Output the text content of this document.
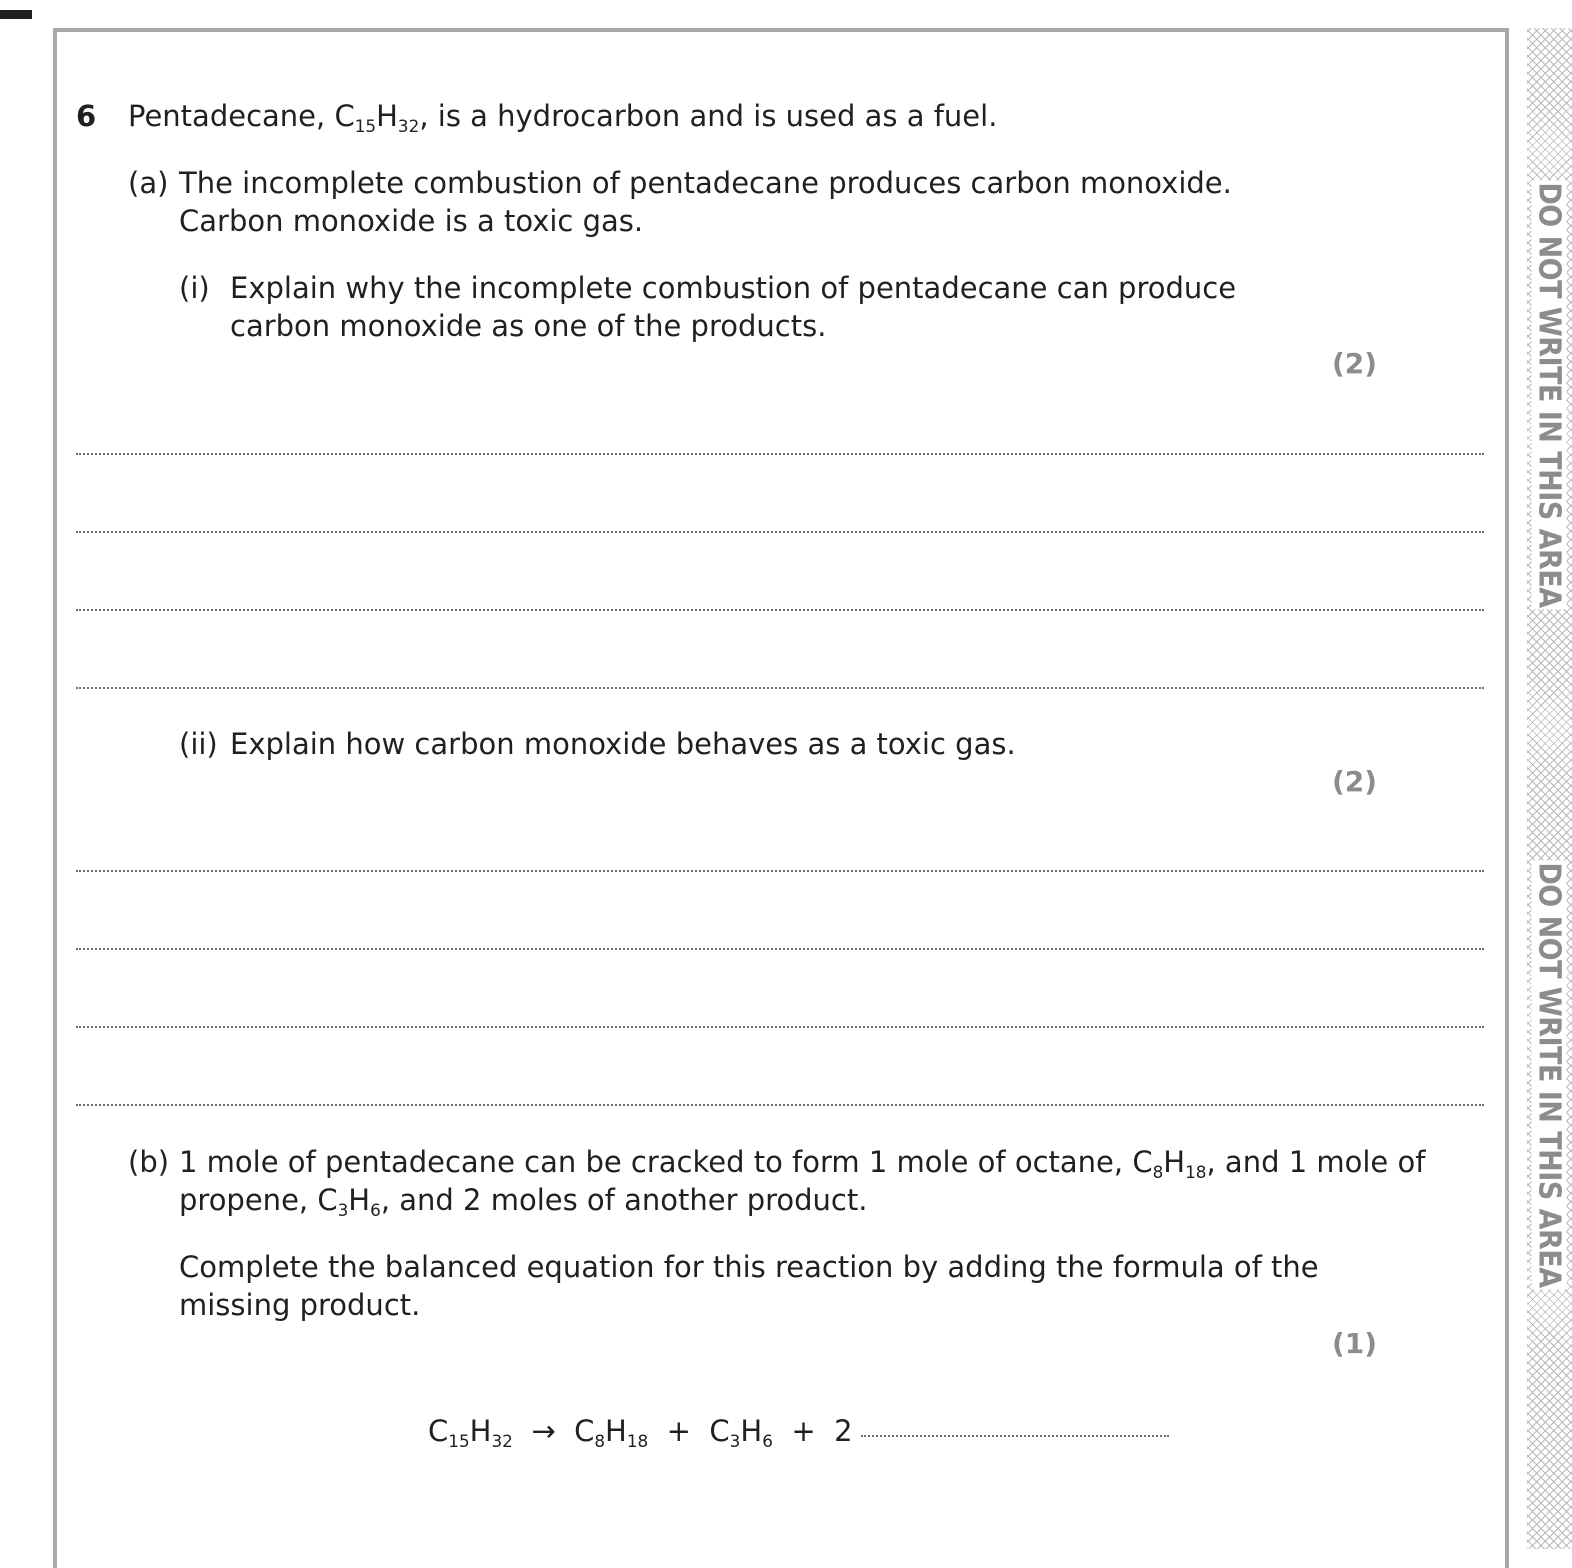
DO NOT WRITE IN THIS AREA
DO NOT WRITE IN THIS AREA
6 Pentadecane, $C_{15}H_{32}$, is a hydrocarbon and is used as a fuel.
(a) The incomplete combustion of pentadecane produces carbon monoxide.
Carbon monoxide is a toxic gas.
(i) Explain why the incomplete combustion of pentadecane can produce
carbon monoxide as one of the products.
(2)
(ii) Explain how carbon monoxide behaves as a toxic gas.
(2)
(b) 1 mole of pentadecane can be cracked to form 1 mole of octane, $C_8H_{18}$, and 1 mole of
propene, $C_3H_6$, and 2 moles of another product.
Complete the balanced equation for this reaction by adding the formula of the
missing product.
(1)
$C_{15}H_{32} \to C_8H_{18} + C_3H_6 + 2$
